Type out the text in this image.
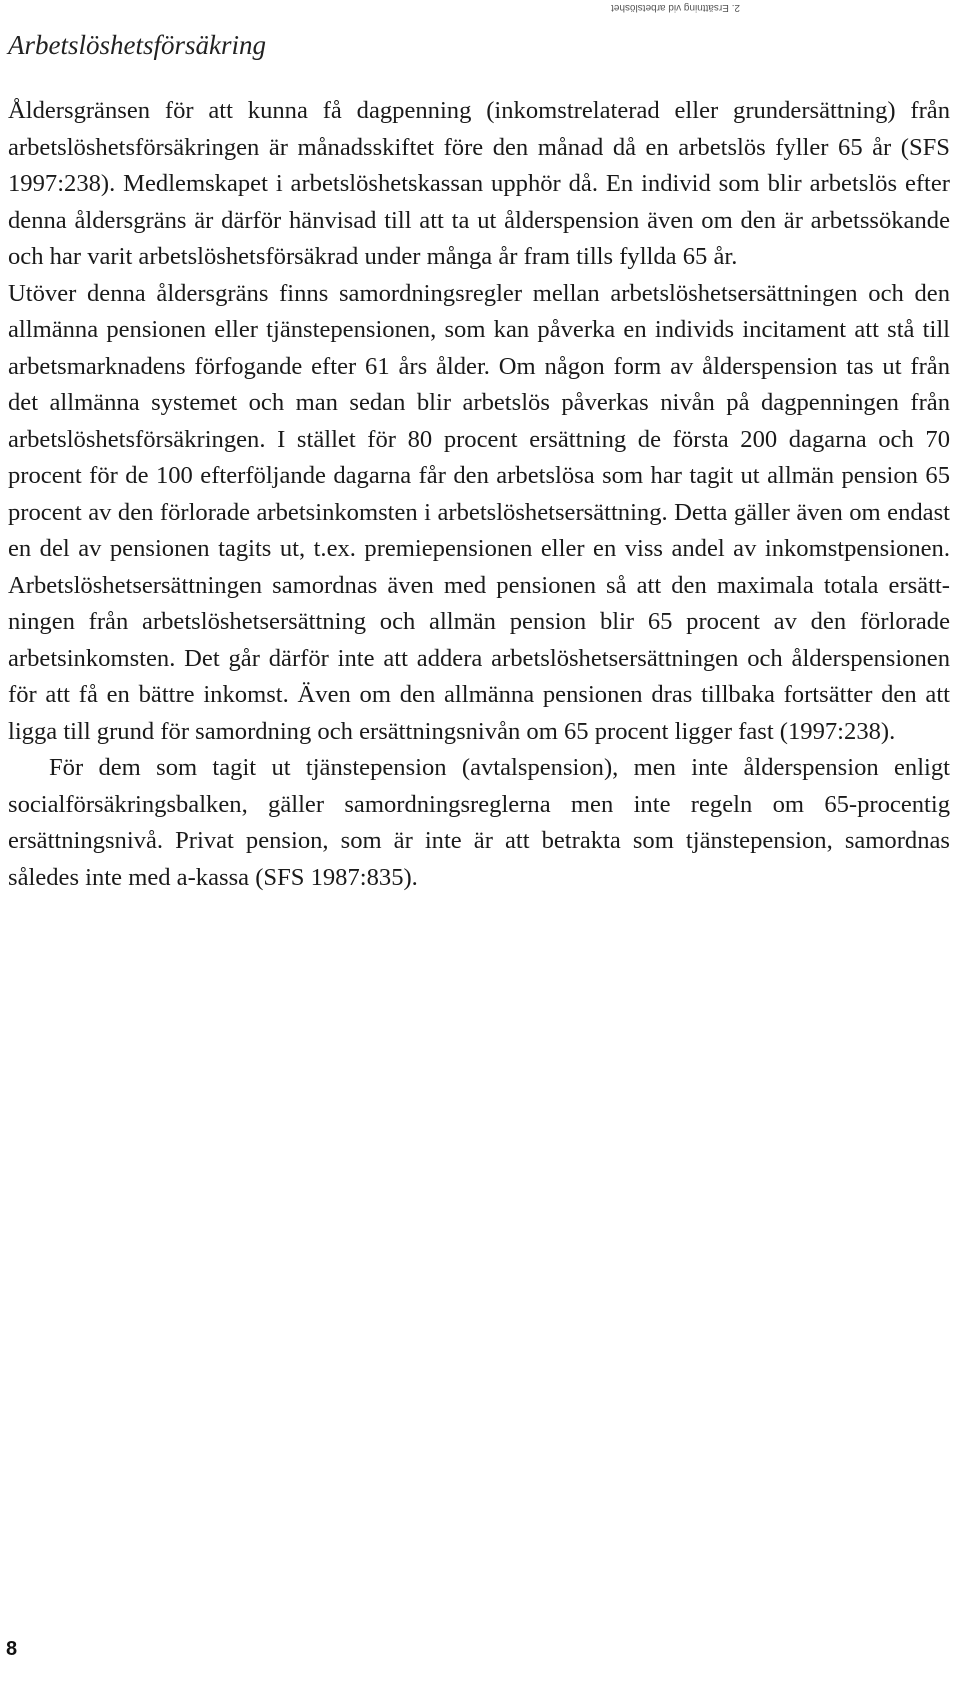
2. Ersättning vid arbetslöshet
Arbetslöshetsförsäkring

Åldersgränsen för att kunna få dagpenning (inkomstrelaterad eller grundersättning) från arbetslöshetsförsäkringen är månadsskiftet före den månad då en arbetslös fyller 65 år (SFS 1997:238). Medlemskapet i arbetslöshetskassan upphör då. En individ som blir arbetslös efter denna åldersgräns är därför hänvisad till att ta ut ålderspension även om den är arbetssökande och har varit arbetslöshetsförsäkrad under många år fram tills fyllda 65 år.

Utöver denna åldersgräns finns samordningsregler mellan arbetslöshetsersättningen och den allmänna pensionen eller tjänstepensionen, som kan påverka en individs incitament att stå till arbetsmarknadens förfogande efter 61 års ålder. Om någon form av ålderspension tas ut från det allmänna systemet och man sedan blir arbetslös påverkas nivån på dagpenningen från arbetslöshetsförsäkringen. I stället för 80 procent ersättning de första 200 dagarna och 70 procent för de 100 efterföljande dagarna får den arbetslösa som har tagit ut allmän pension 65 procent av den förlorade arbetsinkomsten i arbetslöshetsersättning. Detta gäller även om endast en del av pensionen tagits ut, t.ex. premiepensionen eller en viss andel av inkomstpensionen. Arbetslöshetsersättningen samordnas även med pensionen så att den maximala totala ersättningen från arbetslöshetsersättning och allmän pension blir 65 procent av den förlorade arbetsinkomsten. Det går därför inte att addera arbetslöshetsersättningen och ålderspensionen för att få en bättre inkomst. Även om den allmänna pensionen dras tillbaka fortsätter den att ligga till grund för samordning och ersättningsnivån om 65 procent ligger fast (1997:238).

För dem som tagit ut tjänstepension (avtalspension), men inte ålderspension enligt socialförsäkringsbalken, gäller samordningsreglerna men inte regeln om 65-procentig ersättningsnivå. Privat pension, som är inte är att betrakta som tjänstepension, samordnas således inte med a-kassa (SFS 1987:835).

8
